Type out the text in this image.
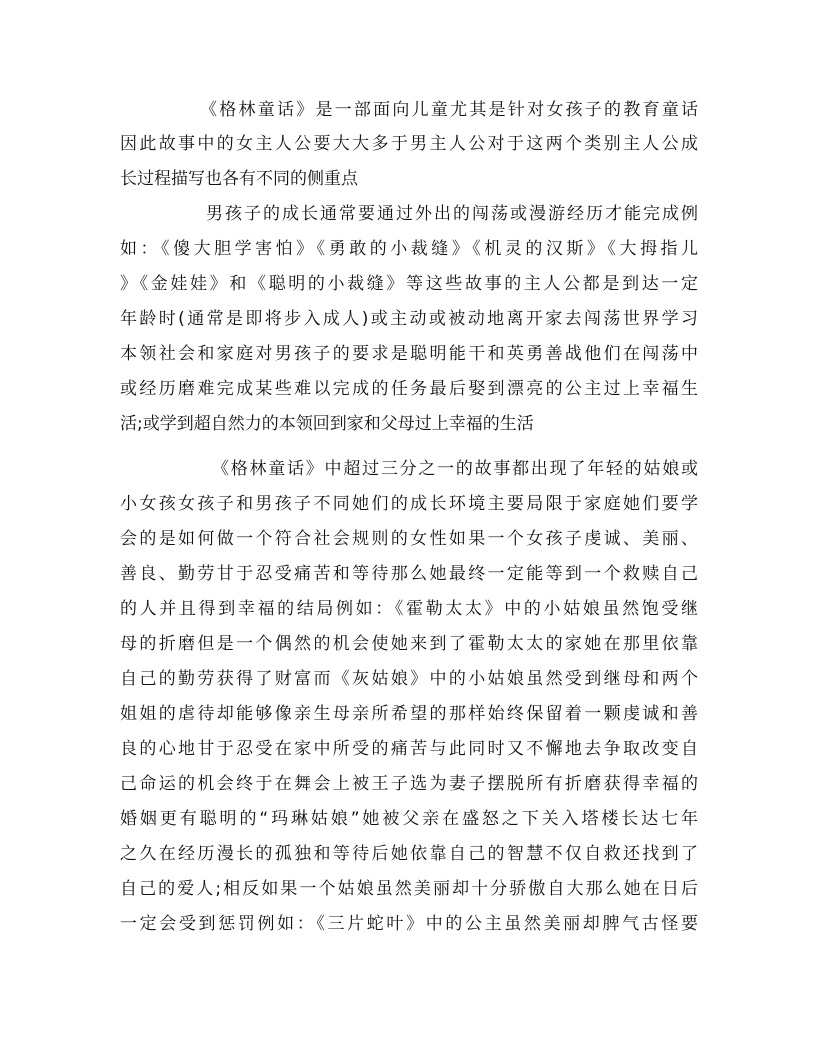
《格林童话》是一部面向儿童尤其是针对女孩子的教育童话
因此故事中的女主人公要大大多于男主人公对于这两个类别主人公成
长过程描写也各有不同的侧重点
男孩子的成长通常要通过外出的闯荡或漫游经历才能完成例
如：《傻大胆学害怕》《勇敢的小裁缝》《机灵的汉斯》《大拇指儿
》《金娃娃》和《聪明的小裁缝》等这些故事的主人公都是到达一定
年龄时(通常是即将步入成人)或主动或被动地离开家去闯荡世界学习
本领社会和家庭对男孩子的要求是聪明能干和英勇善战他们在闯荡中
或经历磨难完成某些难以完成的任务最后娶到漂亮的公主过上幸福生
活;或学到超自然力的本领回到家和父母过上幸福的生活
《格林童话》中超过三分之一的故事都出现了年轻的姑娘或
小女孩女孩子和男孩子不同她们的成长环境主要局限于家庭她们要学
会的是如何做一个符合社会规则的女性如果一个女孩子虔诚、美丽、
善良、勤劳甘于忍受痛苦和等待那么她最终一定能等到一个救赎自己
的人并且得到幸福的结局例如：《霍勒太太》中的小姑娘虽然饱受继
母的折磨但是一个偶然的机会使她来到了霍勒太太的家她在那里依靠
自己的勤劳获得了财富而《灰姑娘》中的小姑娘虽然受到继母和两个
姐姐的虐待却能够像亲生母亲所希望的那样始终保留着一颗虔诚和善
良的心地甘于忍受在家中所受的痛苦与此同时又不懈地去争取改变自
己命运的机会终于在舞会上被王子选为妻子摆脱所有折磨获得幸福的
婚姻更有聪明的“玛琳姑娘”她被父亲在盛怒之下关入塔楼长达七年
之久在经历漫长的孤独和等待后她依靠自己的智慧不仅自救还找到了
自己的爱人;相反如果一个姑娘虽然美丽却十分骄傲自大那么她在日后
一定会受到惩罚例如：《三片蛇叶》中的公主虽然美丽却脾气古怪要
